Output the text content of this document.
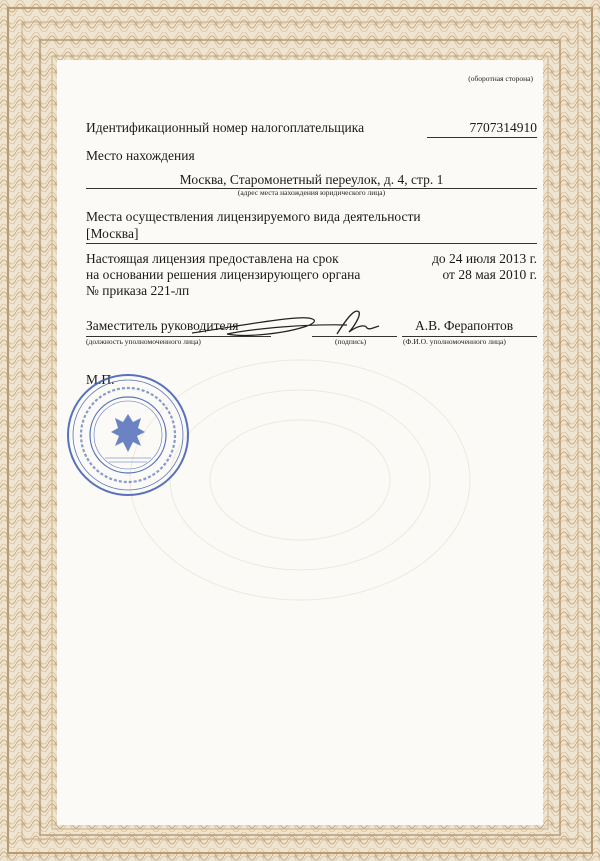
(оборотная сторона)
Идентификационный номер налогоплательщика	7707314910
Место нахождения
Москва, Старомонетный переулок, д. 4, стр. 1
(адрес места нахождения юридического лица)
Места осуществления лицензируемого вида деятельности
[Москва]
Настоящая лицензия предоставлена на срок	до 24 июля 2013 г.
на основании решения лицензирующего органа	от 28 мая 2010 г.
№ приказа 221-лп
Заместитель руководителя	А.В. Ферапонтов
(должность уполномоченного лица)	(подпись)	(Ф.И.О. уполномоченного лица)
М.П.
